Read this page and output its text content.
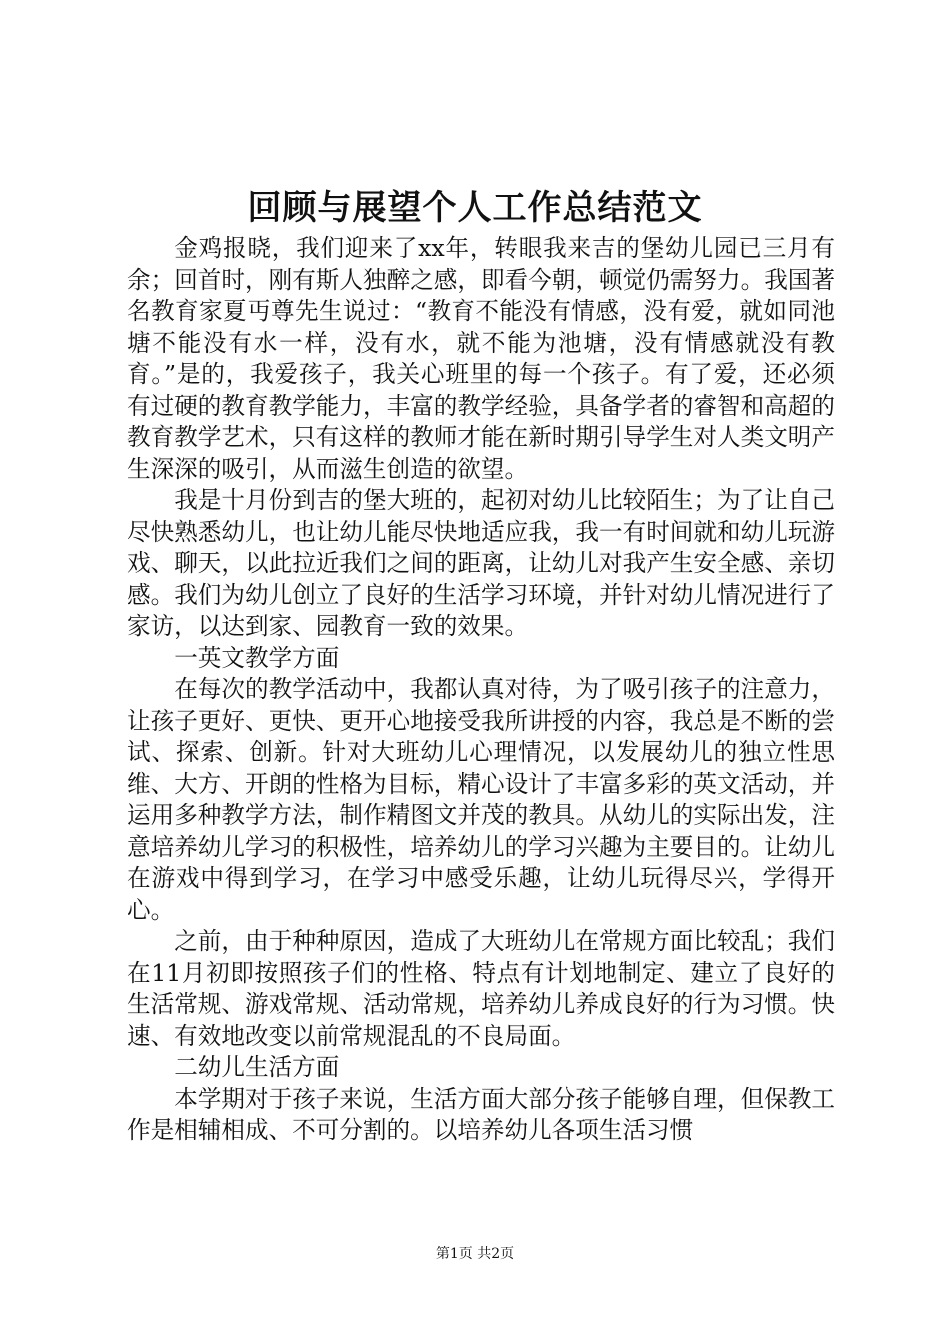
回顾与展望个人工作总结范文

金鸡报晓，我们迎来了xx年，转眼我来吉的堡幼儿园已三月有余；回首时，刚有斯人独醉之感，即看今朝，顿觉仍需努力。我国著名教育家夏丏尊先生说过：“教育不能没有情感，没有爱，就如同池塘不能没有水一样，没有水，就不能为池塘，没有情感就没有教育。”是的，我爱孩子，我关心班里的每一个孩子。有了爱，还必须有过硬的教育教学能力，丰富的教学经验，具备学者的睿智和高超的教育教学艺术，只有这样的教师才能在新时期引导学生对人类文明产生深深的吸引，从而滋生创造的欲望。

我是十月份到吉的堡大班的，起初对幼儿比较陌生；为了让自己尽快熟悉幼儿，也让幼儿能尽快地适应我，我一有时间就和幼儿玩游戏、聊天，以此拉近我们之间的距离，让幼儿对我产生安全感、亲切感。我们为幼儿创立了良好的生活学习环境，并针对幼儿情况进行了家访，以达到家、园教育一致的效果。

一英文教学方面

在每次的教学活动中，我都认真对待，为了吸引孩子的注意力，让孩子更好、更快、更开心地接受我所讲授的内容，我总是不断的尝试、探索、创新。针对大班幼儿心理情况，以发展幼儿的独立性思维、大方、开朗的性格为目标，精心设计了丰富多彩的英文活动，并运用多种教学方法，制作精图文并茂的教具。从幼儿的实际出发，注意培养幼儿学习的积极性，培养幼儿的学习兴趣为主要目的。让幼儿在游戏中得到学习，在学习中感受乐趣，让幼儿玩得尽兴，学得开心。

之前，由于种种原因，造成了大班幼儿在常规方面比较乱；我们在11月初即按照孩子们的性格、特点有计划地制定、建立了良好的生活常规、游戏常规、活动常规，培养幼儿养成良好的行为习惯。快速、有效地改变以前常规混乱的不良局面。

二幼儿生活方面

本学期对于孩子来说，生活方面大部分孩子能够自理，但保教工作是相辅相成、不可分割的。以培养幼儿各项生活习惯

第1页 共2页
